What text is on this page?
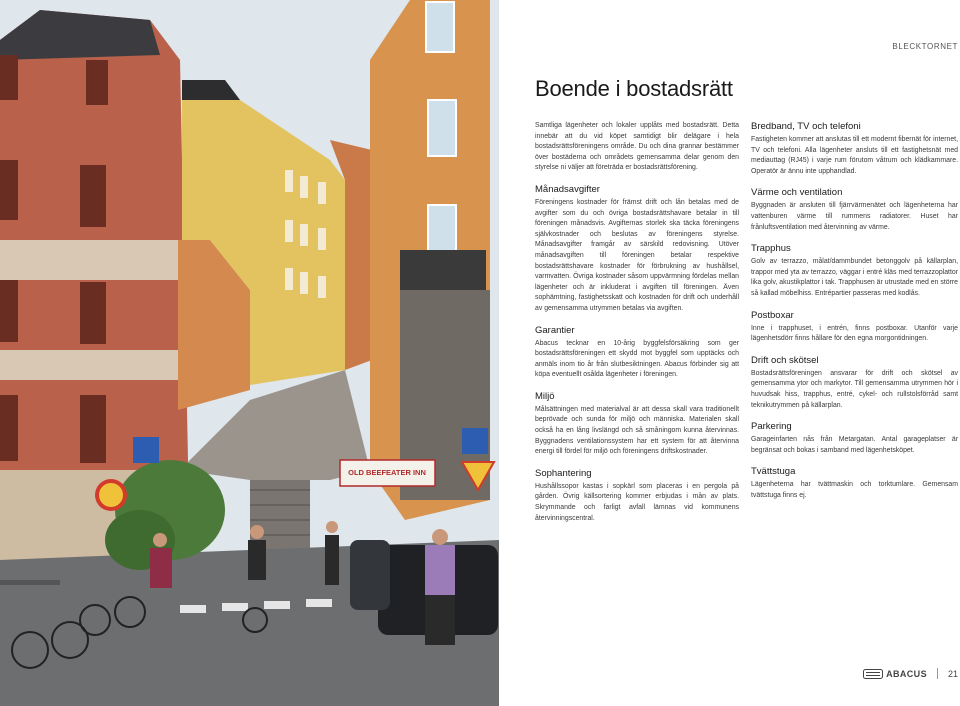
OLD BEEFEATER INN
BLECKTORNET
Boende i bostadsrätt

Samtliga lägenheter och lokaler upplåts med bostadsrätt. Detta innebär att du vid köpet samtidigt blir delägare i hela bostadsrättsföreningens område. Du och dina grannar bestämmer över bostäderna och områdets gemensamma delar genom den styrelse ni väljer att företräda er bostadsrättsförening.

Månadsavgifter

Föreningens kostnader för främst drift och lån betalas med de avgifter som du och övriga bostadsrättshavare betalar in till föreningen månadsvis. Avgifternas storlek ska täcka föreningens självkostnader och beslutas av föreningens styrelse. Månadsavgifter framgår av särskild redovisning. Utöver månadsavgiften till föreningen betalar respektive bostadsrättshavare kostnader för förbrukning av hushållsel, varmvatten. Övriga kostnader såsom uppvärmning fördelas mellan lägenheter och är inkluderat i avgiften till föreningen. Även sophämtning, fastighetsskatt och kostnaden för drift och underhåll av gemensamma utrymmen betalas via avgiften.

Garantier

Abacus tecknar en 10-årig byggfelsförsäkring som ger bostadsrättsföreningen ett skydd mot byggfel som upptäcks och anmäls inom tio år från slutbesiktningen. Abacus förbinder sig att köpa eventuellt osålda lägenheter i föreningen.

Miljö

Målsättningen med materialval är att dessa skall vara traditionellt beprövade och sunda för miljö och människa. Materialen skall också ha en lång livslängd och så småningom kunna återvinnas. Byggnadens ventilationssystem har ett system för att återvinna energi till fördel för miljö och föreningens driftskostnader.

Sophantering

Hushållssopor kastas i sopkärl som placeras i en pergola på gården. Övrig källsortering kommer erbjudas i mån av plats. Skrymmande och farligt avfall lämnas vid kommunens återvinningscentral.

Bredband, TV och telefoni

Fastigheten kommer att anslutas till ett modernt fibernät för internet, TV och telefoni. Alla lägenheter ansluts till ett fastighetsnät med mediauttag (RJ45) i varje rum förutom våtrum och klädkammare. Operatör är ännu inte upphandlad.

Värme och ventilation

Byggnaden är ansluten till fjärrvärmenätet och lägenheterna har vattenburen värme till rummens radiatorer. Huset har frånluftsventilation med återvinning av värme.

Trapphus

Golv av terrazzo, målat/dammbundet betonggolv på källarplan, trappor med yta av terrazzo, väggar i entré kläs med terrazzoplattor lika golv, akustikplattor i tak. Trapphusen är utrustade med en större så kallad möbelhiss. Entrépartier passeras med kodlås.

Postboxar

Inne i trapphuset, i entrén, finns postboxar. Utanför varje lägenhetsdörr finns hållare för den egna morgontidningen.

Drift och skötsel

Bostadsrättsföreningen ansvarar för drift och skötsel av gemensamma ytor och markytor. Till gemensamma utrymmen hör i huvudsak hiss, trapphus, entré, cykel- och rullstolsförråd samt teknikutrymmen på källarplan.

Parkering

Garageinfarten nås från Metargatan. Antal garageplatser är begränsat och bokas i samband med lägenhetsköpet.

Tvättstuga

Lägenheterna har tvättmaskin och torktumlare. Gemensam tvättstuga finns ej.

ABACUS 21
